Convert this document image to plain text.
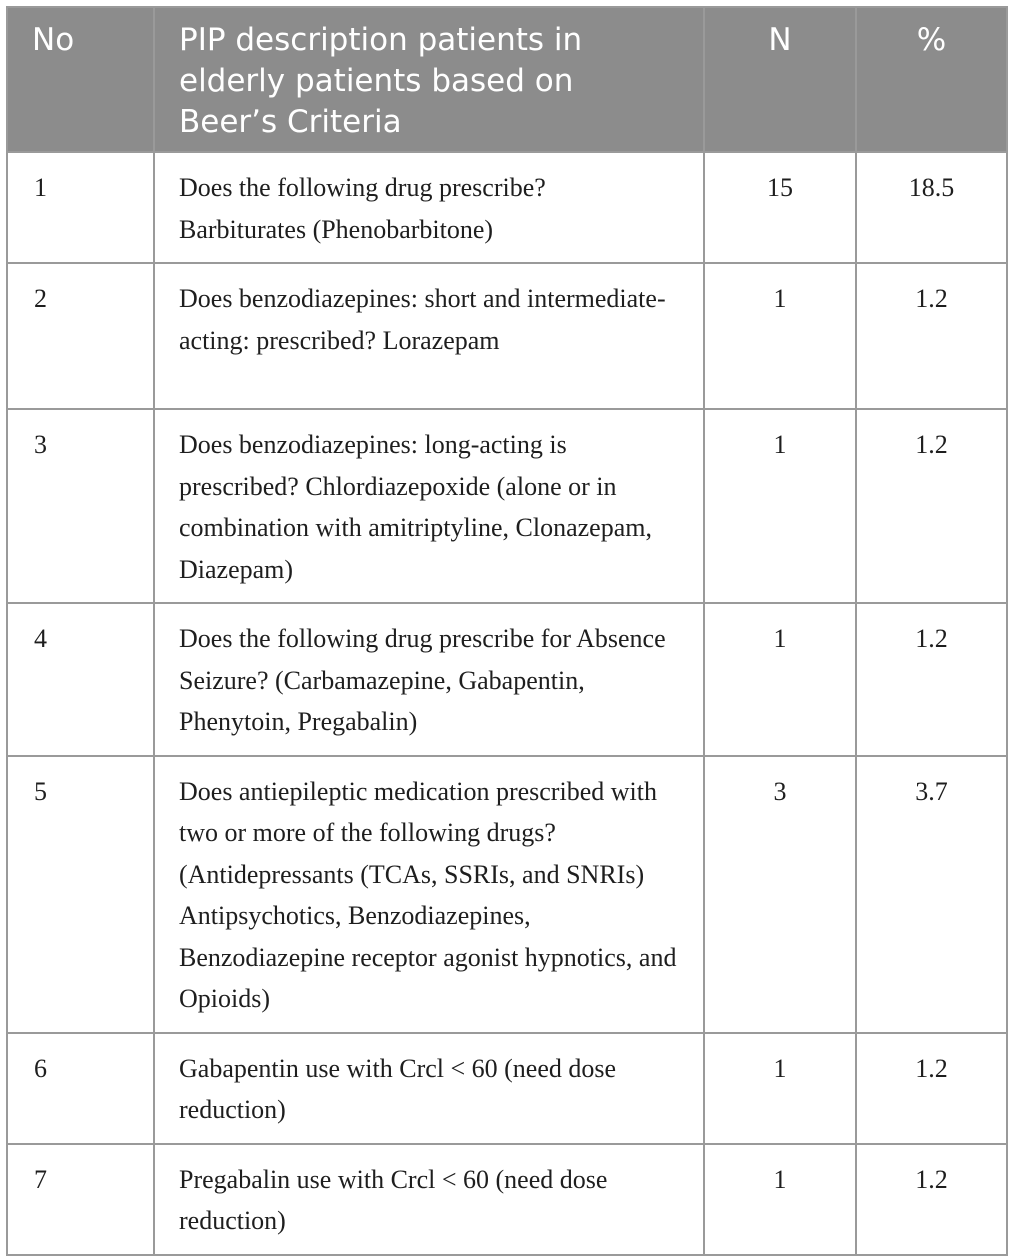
No	PIP description patients in elderly patients based on Beer’s Criteria	N	%
1	Does the following drug prescribe? Barbiturates (Phenobarbitone)	15	18.5
2	Does benzodiazepines: short and intermediate-acting: prescribed? Lorazepam	1	1.2
3	Does benzodiazepines: long-acting is prescribed? Chlordiazepoxide (alone or in combination with amitriptyline, Clonazepam, Diazepam)	1	1.2
4	Does the following drug prescribe for Absence Seizure? (Carbamazepine, Gabapentin, Phenytoin, Pregabalin)	1	1.2
5	Does antiepileptic medication prescribed with two or more of the following drugs? (Antidepressants (TCAs, SSRIs, and SNRIs) Antipsychotics, Benzodiazepines, Benzodiazepine receptor agonist hypnotics, and Opioids)	3	3.7
6	Gabapentin use with Crcl < 60 (need dose reduction)	1	1.2
7	Pregabalin use with Crcl < 60 (need dose reduction)	1	1.2
